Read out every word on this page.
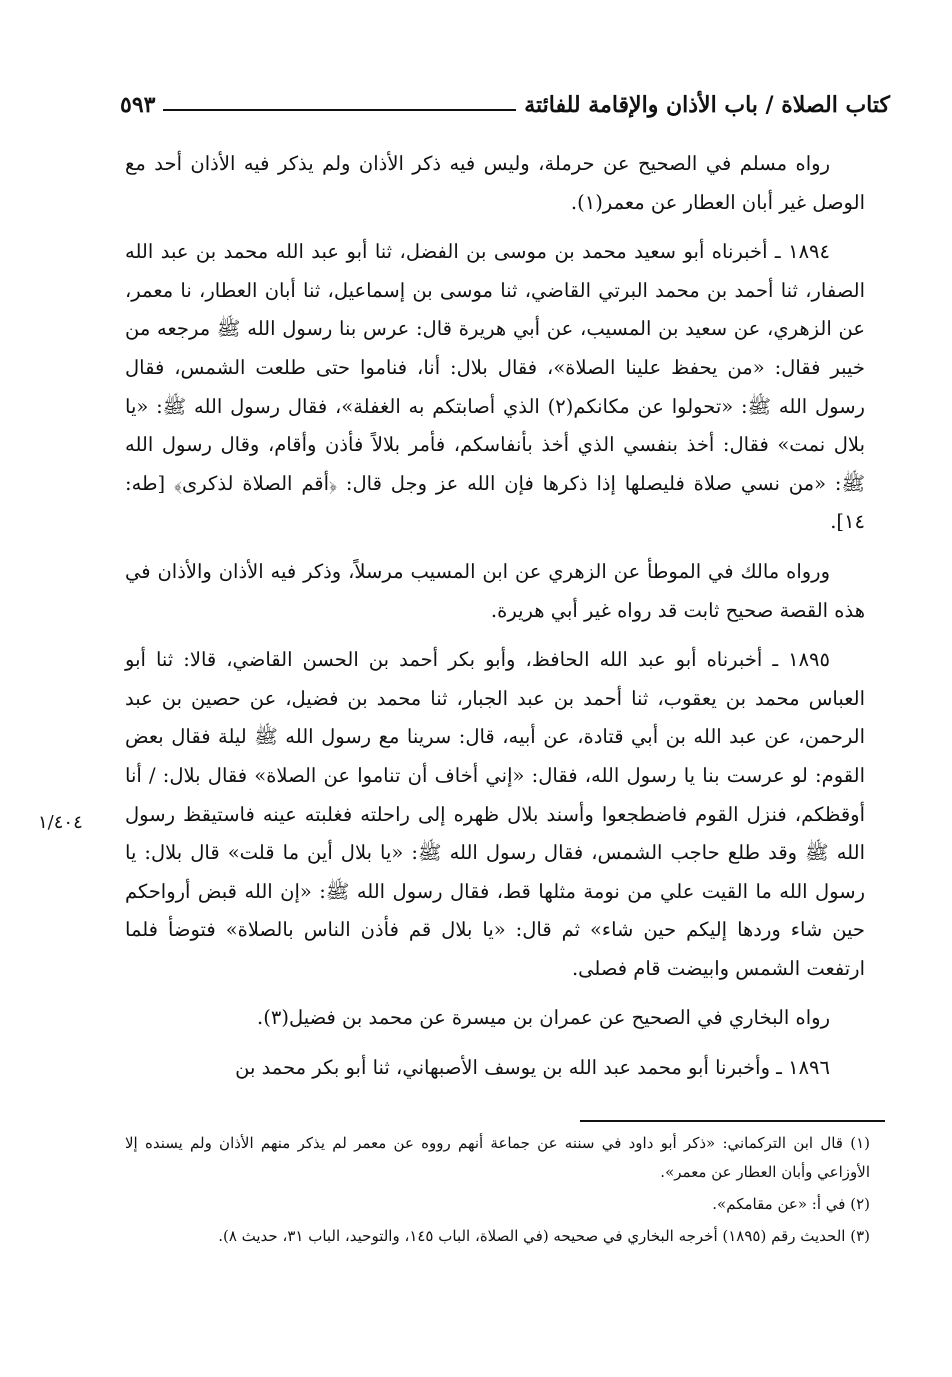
كتاب الصلاة / باب الأذان والإقامة للفائتة
٥٩٣

رواه مسلم في الصحيح عن حرملة، وليس فيه ذكر الأذان ولم يذكر فيه الأذان أحد مع الوصل غير أبان العطار عن معمر(١).

١٨٩٤ ـ أخبرناه أبو سعيد محمد بن موسى بن الفضل، ثنا أبو عبد الله محمد بن عبد الله الصفار، ثنا أحمد بن محمد البرتي القاضي، ثنا موسى بن إسماعيل، ثنا أبان العطار، نا معمر، عن الزهري، عن سعيد بن المسيب، عن أبي هريرة قال: عرس بنا رسول الله ﷺ مرجعه من خيبر فقال: «من يحفظ علينا الصلاة»، فقال بلال: أنا، فناموا حتى طلعت الشمس، فقال رسول الله ﷺ: «تحولوا عن مكانكم(٢) الذي أصابتكم به الغفلة»، فقال رسول الله ﷺ: «يا بلال نمت» فقال: أخذ بنفسي الذي أخذ بأنفاسكم، فأمر بلالاً فأذن وأقام، وقال رسول الله ﷺ: «من نسي صلاة فليصلها إذا ذكرها فإن الله عز وجل قال: ﴿أقم الصلاة لذكرى﴾ [طه: ١٤].

ورواه مالك في الموطأ عن الزهري عن ابن المسيب مرسلاً، وذكر فيه الأذان والأذان في هذه القصة صحيح ثابت قد رواه غير أبي هريرة.

١٨٩٥ ـ أخبرناه أبو عبد الله الحافظ، وأبو بكر أحمد بن الحسن القاضي، قالا: ثنا أبو العباس محمد بن يعقوب، ثنا أحمد بن عبد الجبار، ثنا محمد بن فضيل، عن حصين بن عبد الرحمن، عن عبد الله بن أبي قتادة، عن أبيه، قال: سرينا مع رسول الله ﷺ ليلة فقال بعض القوم: لو عرست بنا يا رسول الله، فقال: «إني أخاف أن تناموا عن الصلاة» فقال بلال: / أنا أوقظكم، فنزل القوم فاضطجعوا وأسند بلال ظهره إلى راحلته فغلبته عينه فاستيقظ رسول الله ﷺ وقد طلع حاجب الشمس، فقال رسول الله ﷺ: «يا بلال أين ما قلت» قال بلال: يا رسول الله ما القيت علي من نومة مثلها قط، فقال رسول الله ﷺ: «إن الله قبض أرواحكم حين شاء وردها إليكم حين شاء» ثم قال: «يا بلال قم فأذن الناس بالصلاة» فتوضأ فلما ارتفعت الشمس وابيضت قام فصلى.

رواه البخاري في الصحيح عن عمران بن ميسرة عن محمد بن فضيل(٣).

١٨٩٦ ـ وأخبرنا أبو محمد عبد الله بن يوسف الأصبهاني، ثنا أبو بكر محمد بن

١/٤٠٤

(١) قال ابن التركماني: «ذكر أبو داود في سننه عن جماعة أنهم رووه عن معمر لم يذكر منهم الأذان ولم يسنده إلا الأوزاعي وأبان العطار عن معمر».

(٢) في أ: «عن مقامكم».

(٣) الحديث رقم (١٨٩٥) أخرجه البخاري في صحيحه (في الصلاة، الباب ١٤٥، والتوحيد، الباب ٣١، حديث ٨).
